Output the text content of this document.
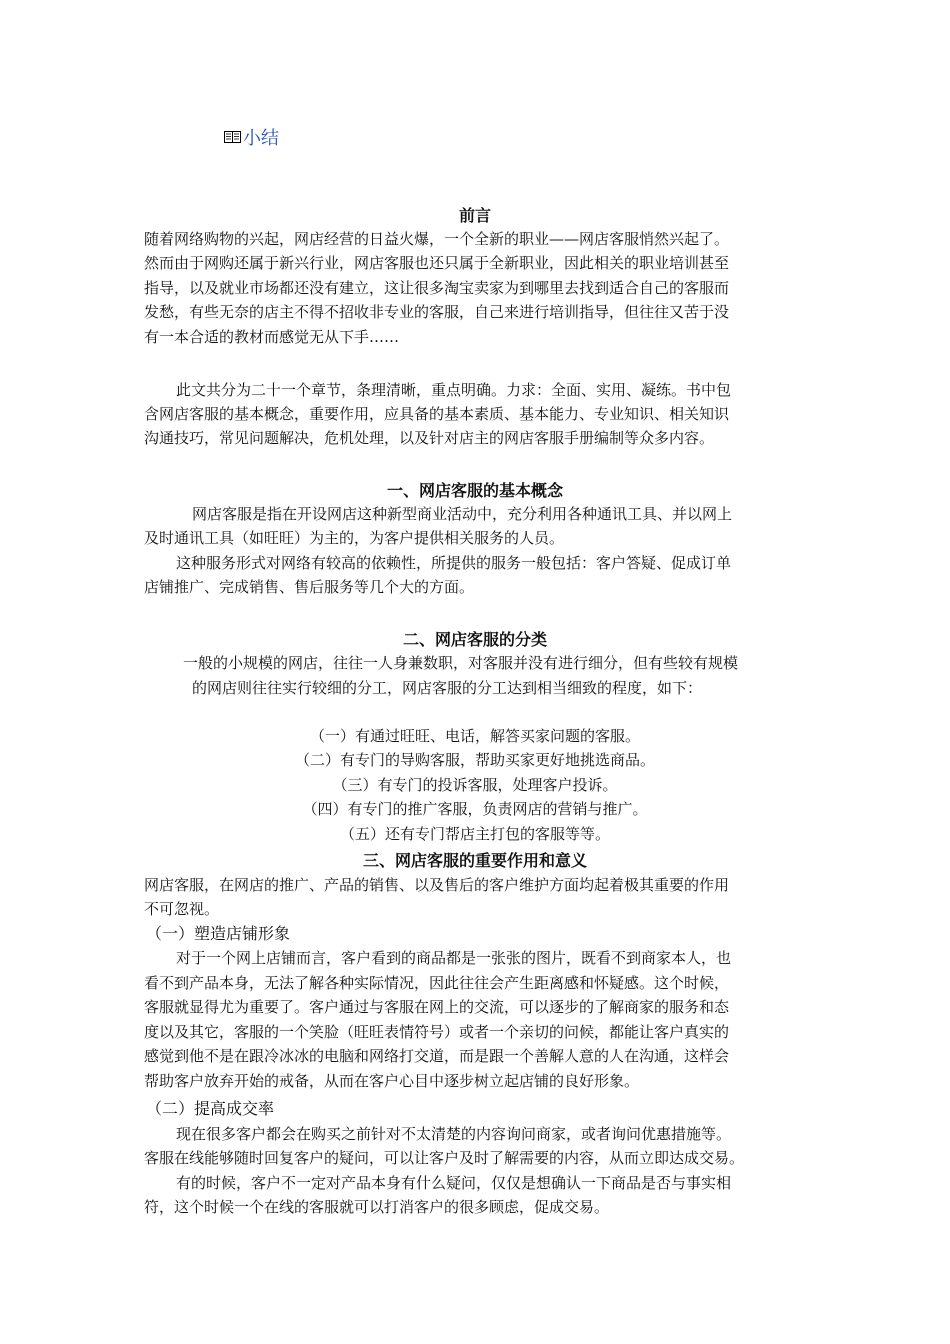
小结
前言

随着网络购物的兴起，网店经营的日益火爆，一个全新的职业——网店客服悄然兴起了。

然而由于网购还属于新兴行业，网店客服也还只属于全新职业，因此相关的职业培训甚至

指导，以及就业市场都还没有建立，这让很多淘宝卖家为到哪里去找到适合自己的客服而

发愁，有些无奈的店主不得不招收非专业的客服，自己来进行培训指导，但往往又苦于没

有一本合适的教材而感觉无从下手……

此文共分为二十一个章节，条理清晰，重点明确。力求：全面、实用、凝练。书中包

含网店客服的基本概念，重要作用，应具备的基本素质、基本能力、专业知识、相关知识

沟通技巧，常见问题解决，危机处理，以及针对店主的网店客服手册编制等众多内容。

一、网店客服的基本概念

网店客服是指在开设网店这种新型商业活动中，充分利用各种通讯工具、并以网上

及时通讯工具（如旺旺）为主的，为客户提供相关服务的人员。

这种服务形式对网络有较高的依赖性，所提供的服务一般包括：客户答疑、促成订单

店铺推广、完成销售、售后服务等几个大的方面。

二、网店客服的分类

一般的小规模的网店，往往一人身兼数职，对客服并没有进行细分，但有些较有规模

的网店则往往实行较细的分工，网店客服的分工达到相当细致的程度，如下：

（一）有通过旺旺、电话，解答买家问题的客服。
（二）有专门的导购客服，帮助买家更好地挑选商品。
（三）有专门的投诉客服，处理客户投诉。
（四）有专门的推广客服，负责网店的营销与推广。
（五）还有专门帮店主打包的客服等等。
三、网店客服的重要作用和意义

网店客服，在网店的推广、产品的销售、以及售后的客户维护方面均起着极其重要的作用

不可忽视。

（一）塑造店铺形象

对于一个网上店铺而言，客户看到的商品都是一张张的图片，既看不到商家本人，也

看不到产品本身，无法了解各种实际情况，因此往往会产生距离感和怀疑感。这个时候，

客服就显得尤为重要了。客户通过与客服在网上的交流，可以逐步的了解商家的服务和态

度以及其它，客服的一个笑脸（旺旺表情符号）或者一个亲切的问候，都能让客户真实的

感觉到他不是在跟冷冰冰的电脑和网络打交道，而是跟一个善解人意的人在沟通，这样会

帮助客户放弃开始的戒备，从而在客户心目中逐步树立起店铺的良好形象。

（二）提高成交率

现在很多客户都会在购买之前针对不太清楚的内容询问商家，或者询问优惠措施等。

客服在线能够随时回复客户的疑问，可以让客户及时了解需要的内容，从而立即达成交易。

有的时候，客户不一定对产品本身有什么疑问，仅仅是想确认一下商品是否与事实相

符，这个时候一个在线的客服就可以打消客户的很多顾虑，促成交易。
